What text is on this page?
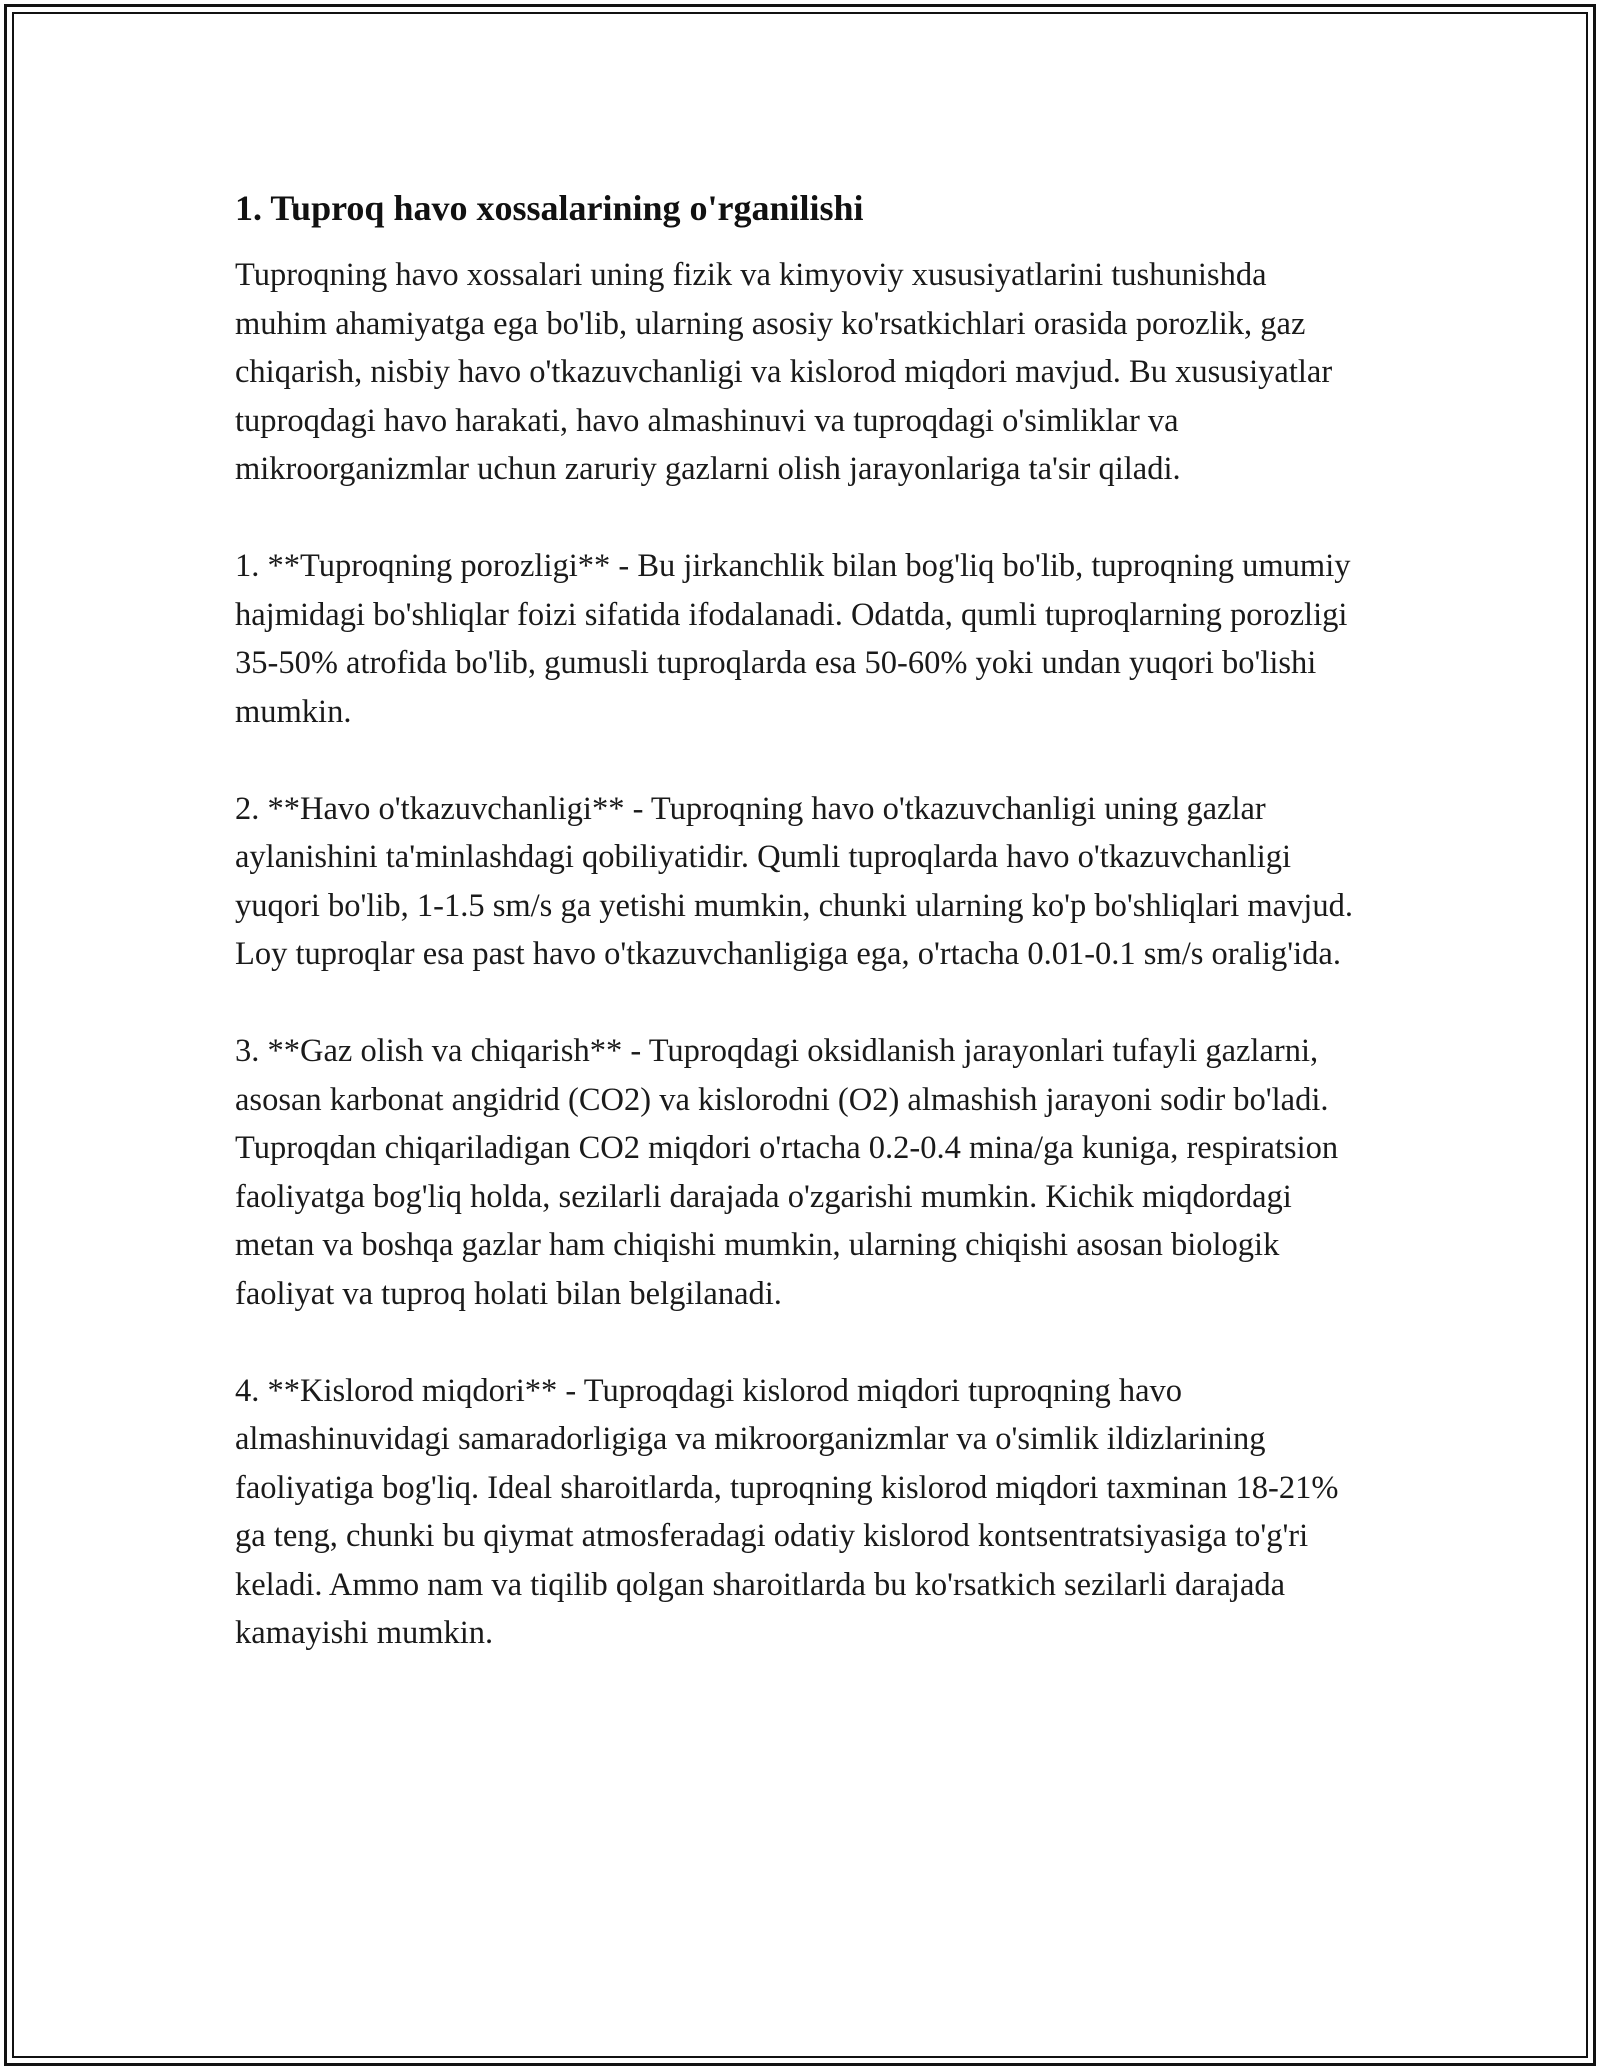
1. Tuproq havo xossalarining o'rganilishi

Tuproqning havo xossalari uning fizik va kimyoviy xususiyatlarini tushunishda muhim ahamiyatga ega bo'lib, ularning asosiy ko'rsatkichlari orasida porozlik, gaz chiqarish, nisbiy havo o'tkazuvchanligi va kislorod miqdori mavjud. Bu xususiyatlar tuproqdagi havo harakati, havo almashinuvi va tuproqdagi o'simliklar va mikroorganizmlar uchun zaruriy gazlarni olish jarayonlariga ta'sir qiladi.

1. **Tuproqning porozligi** - Bu jirkanchlik bilan bog'liq bo'lib, tuproqning umumiy hajmidagi bo'shliqlar foizi sifatida ifodalanadi. Odatda, qumli tuproqlarning porozligi 35-50% atrofida bo'lib, gumusli tuproqlarda esa 50-60% yoki undan yuqori bo'lishi mumkin.

2. **Havo o'tkazuvchanligi** - Tuproqning havo o'tkazuvchanligi uning gazlar aylanishini ta'minlashdagi qobiliyatidir. Qumli tuproqlarda havo o'tkazuvchanligi yuqori bo'lib, 1-1.5 sm/s ga yetishi mumkin, chunki ularning ko'p bo'shliqlari mavjud. Loy tuproqlar esa past havo o'tkazuvchanligiga ega, o'rtacha 0.01-0.1 sm/s oralig'ida.

3. **Gaz olish va chiqarish** - Tuproqdagi oksidlanish jarayonlari tufayli gazlarni, asosan karbonat angidrid (CO2) va kislorodni (O2) almashish jarayoni sodir bo'ladi. Tuproqdan chiqariladigan CO2 miqdori o'rtacha 0.2-0.4 mina/ga kuniga, respiratsion faoliyatga bog'liq holda, sezilarli darajada o'zgarishi mumkin. Kichik miqdordagi metan va boshqa gazlar ham chiqishi mumkin, ularning chiqishi asosan biologik faoliyat va tuproq holati bilan belgilanadi.

4. **Kislorod miqdori** - Tuproqdagi kislorod miqdori tuproqning havo almashinuvidagi samaradorligiga va mikroorganizmlar va o'simlik ildizlarining faoliyatiga bog'liq. Ideal sharoitlarda, tuproqning kislorod miqdori taxminan 18-21% ga teng, chunki bu qiymat atmosferadagi odatiy kislorod kontsentratsiyasiga to'g'ri keladi. Ammo nam va tiqilib qolgan sharoitlarda bu ko'rsatkich sezilarli darajada kamayishi mumkin.
